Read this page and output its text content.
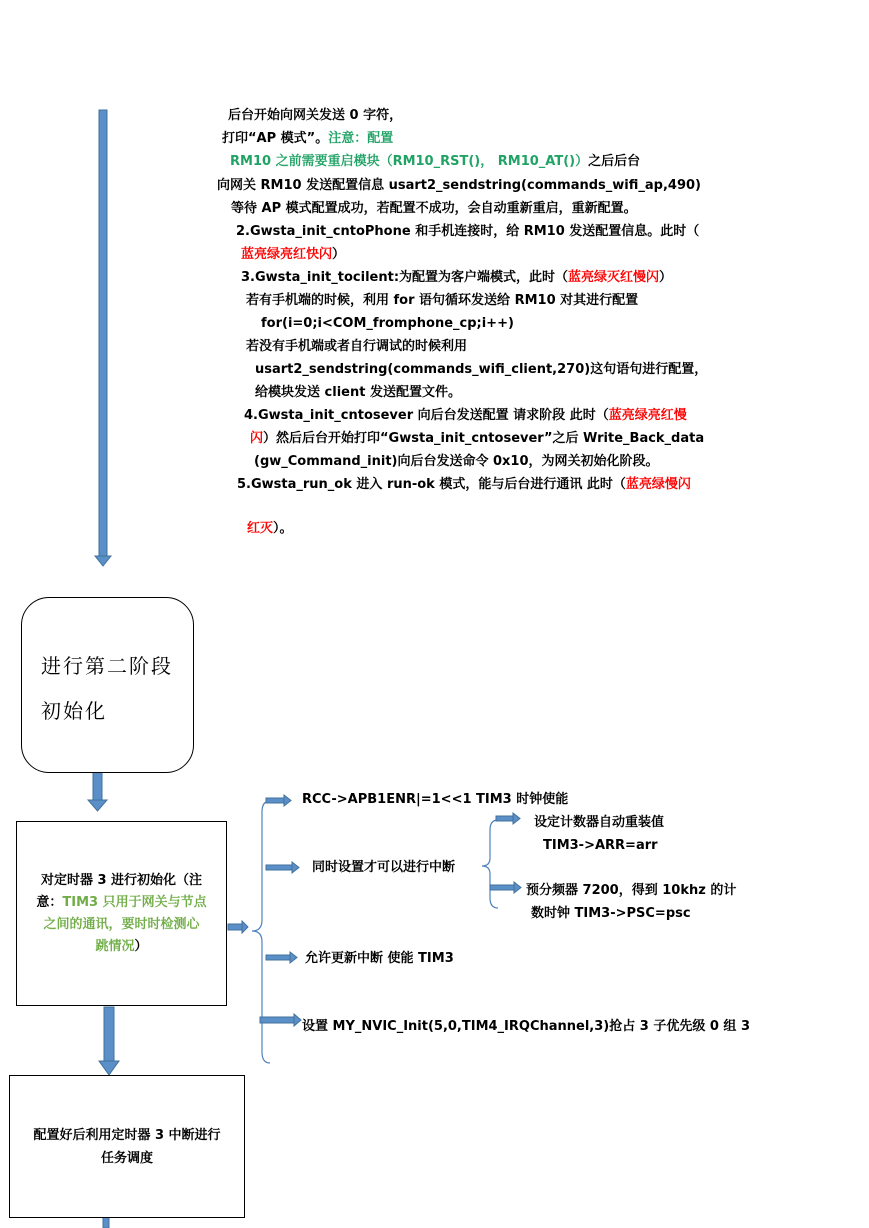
后台开始向网关发送 0 字符，
打印“AP 模式”。注意：配置
RM10 之前需要重启模块（RM10_RST()， RM10_AT()）之后后台
向网关 RM10 发送配置信息 usart2_sendstring(commands_wifi_ap,490)
等待 AP 模式配置成功，若配置不成功，会自动重新重启，重新配置。
2.Gwsta_init_cntoPhone 和手机连接时，给 RM10 发送配置信息。此时（
蓝亮绿亮红快闪）
3.Gwsta_init_tocilent:为配置为客户端模式，此时（蓝亮绿灭红慢闪）
若有手机端的时候，利用 for 语句循环发送给 RM10 对其进行配置
for(i=0;i<COM_fromphone_cp;i++)
若没有手机端或者自行调试的时候利用
usart2_sendstring(commands_wifi_client,270)这句语句进行配置，
给模块发送 client 发送配置文件。
4.Gwsta_init_cntosever 向后台发送配置 请求阶段 此时（蓝亮绿亮红慢
闪）然后后台开始打印“Gwsta_init_cntosever”之后 Write_Back_data
(gw_Command_init)向后台发送命令 0x10，为网关初始化阶段。
5.Gwsta_run_ok 进入 run-ok 模式，能与后台进行通讯 此时（蓝亮绿慢闪
红灭）。
进行第二阶段
初始化
对定时器 3 进行初始化（注
意：TIM3 只用于网关与节点
之间的通讯，要时时检测心
跳情况）
RCC->APB1ENR|=1<<1 TIM3 时钟使能
同时设置才可以进行中断
设定计数器自动重装值
TIM3->ARR=arr
预分频器 7200，得到 10khz 的计
数时钟 TIM3->PSC=psc
允许更新中断 使能 TIM3
设置 MY_NVIC_Init(5,0,TIM4_IRQChannel,3)抢占 3 子优先级 0 组 3
配置好后利用定时器 3 中断进行
任务调度
